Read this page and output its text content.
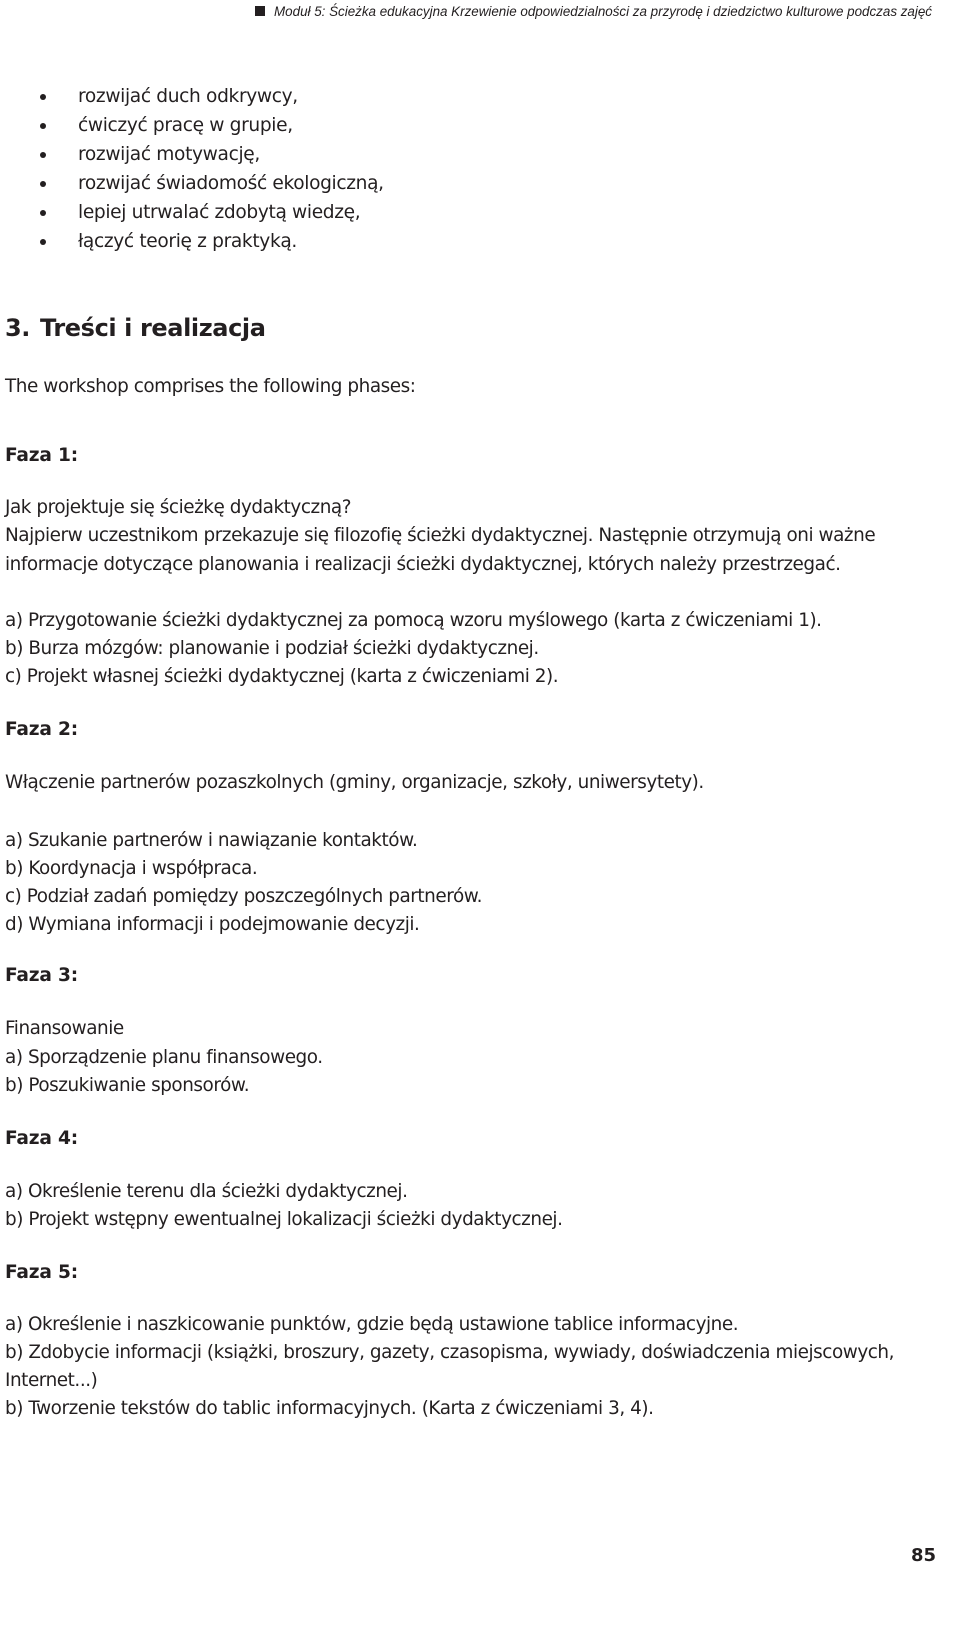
Moduł 5: Ścieżka edukacyjna Krzewienie odpowiedzialności za przyrodę i dziedzictwo kulturowe podczas zajęć
rozwijać duch odkrywcy,
ćwiczyć pracę w grupie,
rozwijać motywację,
rozwijać świadomość ekologiczną,
lepiej utrwalać zdobytą wiedzę,
łączyć teorię z praktyką.
3. Treści i realizacja
The workshop comprises the following phases:
Faza 1:
Jak projektuje się ścieżkę dydaktyczną?
Najpierw uczestnikom przekazuje się filozofię ścieżki dydaktycznej. Następnie otrzymują oni ważne
informacje dotyczące planowania i realizacji ścieżki dydaktycznej, których należy przestrzegać.
a) Przygotowanie ścieżki dydaktycznej za pomocą wzoru myślowego (karta z ćwiczeniami 1).
b) Burza mózgów: planowanie i podział ścieżki dydaktycznej.
c) Projekt własnej ścieżki dydaktycznej (karta z ćwiczeniami 2).
Faza 2:
Włączenie partnerów pozaszkolnych (gminy, organizacje, szkoły, uniwersytety).
a) Szukanie partnerów i nawiązanie kontaktów.
b) Koordynacja i współpraca.
c) Podział zadań pomiędzy poszczególnych partnerów.
d) Wymiana informacji i podejmowanie decyzji.
Faza 3:
Finansowanie
a) Sporządzenie planu finansowego.
b) Poszukiwanie sponsorów.
Faza 4:
a) Określenie terenu dla ścieżki dydaktycznej.
b) Projekt wstępny ewentualnej lokalizacji ścieżki dydaktycznej.
Faza 5:
a) Określenie i naszkicowanie punktów, gdzie będą ustawione tablice informacyjne.
b) Zdobycie informacji (książki, broszury, gazety, czasopisma, wywiady, doświadczenia miejscowych,
Internet...)
b) Tworzenie tekstów do tablic informacyjnych. (Karta z ćwiczeniami 3, 4).
85
